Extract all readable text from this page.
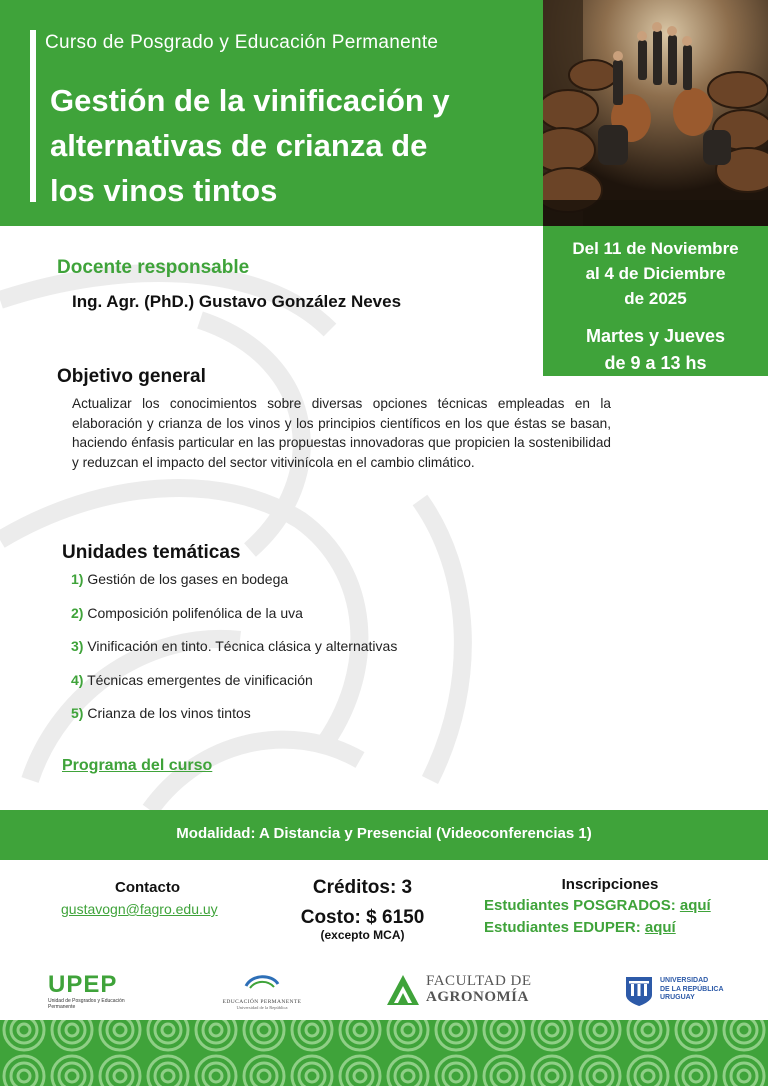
Curso de Posgrado y Educación Permanente
Gestión de la vinificación y
alternativas de crianza de
los vinos tintos
Del 11 de Noviembre
al 4 de Diciembre
de 2025
Martes y Jueves
de 9 a 13 hs
Docente responsable
Ing. Agr. (PhD.) Gustavo González Neves
Objetivo general
Actualizar los conocimientos sobre diversas opciones técnicas empleadas en la elaboración y crianza de los vinos y los principios científicos en los que éstas se basan, haciendo énfasis particular en las propuestas innovadoras que propicien la sostenibilidad y reduzcan el impacto del sector vitivinícola en el cambio climático.
Unidades temáticas
1) Gestión de los gases en bodega
2) Composición polifenólica de la uva
3) Vinificación en tinto. Técnica clásica y alternativas
4) Técnicas emergentes de vinificación
5) Crianza de los vinos tintos
Programa del curso
Modalidad: A Distancia y Presencial (Videoconferencias 1)
Contacto
gustavogn@fagro.edu.uy
Créditos: 3
Costo: $ 6150
(excepto MCA)
Inscripciones
Estudiantes POSGRADOS: aquí
Estudiantes EDUPER: aquí
UPEP
Unidad de Posgrados y Educación Permanente
EDUCACIÓN PERMANENTE
Universidad de la República
FACULTAD DE
AGRONOMÍA
UNIVERSIDAD
DE LA REPÚBLICA
URUGUAY
